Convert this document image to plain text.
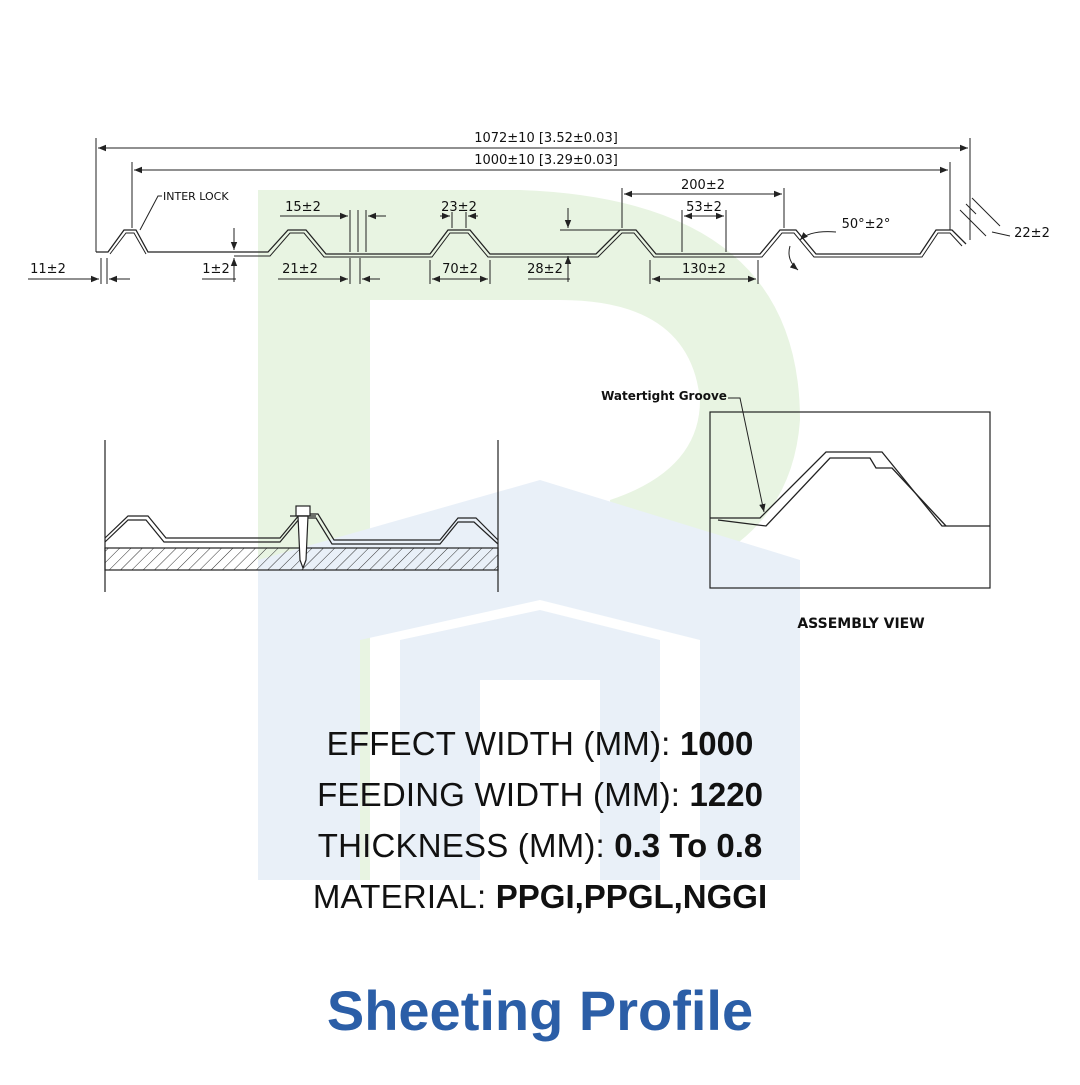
1072±10 [3.52±0.03]
1000±10 [3.29±0.03]
INTER LOCK
11±2	1±2
15±2
21±2
23±2
70±2	28±2
200±2
53±2
130±2
50°±2°
22±2
Watertight Groove
ASSEMBLY VIEW
EFFECT WIDTH (MM): 1000
FEEDING WIDTH (MM): 1220
THICKNESS (MM): 0.3 To 0.8
MATERIAL: PPGI,PPGL,NGGI
Sheeting Profile
